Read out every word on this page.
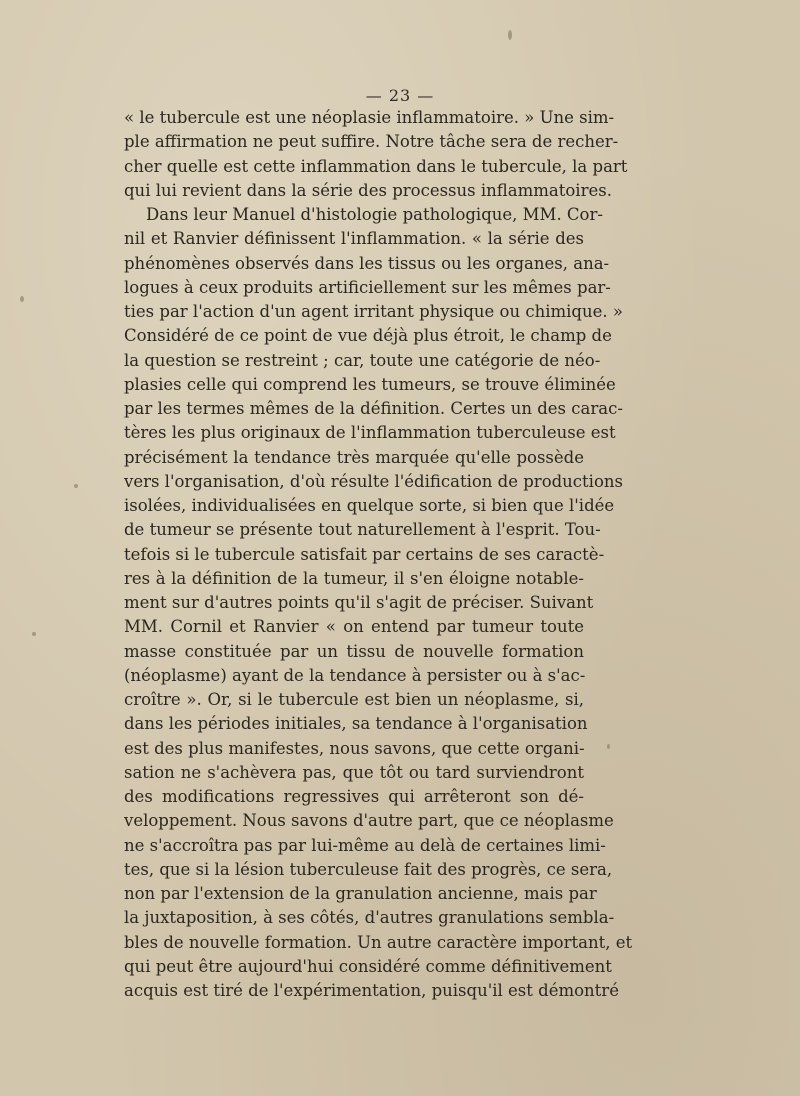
— 23 —
« le tubercule est une néoplasie inflammatoire. » Une sim-
ple affirmation ne peut suffire. Notre tâche sera de recher-
cher quelle est cette inflammation dans le tubercule, la part
qui lui revient dans la série des processus inflammatoires.
Dans leur Manuel d'histologie pathologique, MM. Cor-
nil et Ranvier définissent l'inflammation. « la série des
phénomènes observés dans les tissus ou les organes, ana-
logues à ceux produits artificiellement sur les mêmes par-
ties par l'action d'un agent irritant physique ou chimique. »
Considéré de ce point de vue déjà plus étroit, le champ de
la question se restreint ; car, toute une catégorie de néo-
plasies celle qui comprend les tumeurs, se trouve éliminée
par les termes mêmes de la définition. Certes un des carac-
tères les plus originaux de l'inflammation tuberculeuse est
précisément la tendance très marquée qu'elle possède
vers l'organisation, d'où résulte l'édification de productions
isolées, individualisées en quelque sorte, si bien que l'idée
de tumeur se présente tout naturellement à l'esprit. Tou-
tefois si le tubercule satisfait par certains de ses caractè-
res à la définition de la tumeur, il s'en éloigne notable-
ment sur d'autres points qu'il s'agit de préciser. Suivant
MM. Cornil et Ranvier « on entend par tumeur toute
masse constituée par un tissu de nouvelle formation
(néoplasme) ayant de la tendance à persister ou à s'ac-
croître ». Or, si le tubercule est bien un néoplasme, si,
dans les périodes initiales, sa tendance à l'organisation
est des plus manifestes, nous savons, que cette organi-
sation ne s'achèvera pas, que tôt ou tard surviendront
des modifications regressives qui arrêteront son dé-
veloppement. Nous savons d'autre part, que ce néoplasme
ne s'accroîtra pas par lui-même au delà de certaines limi-
tes, que si la lésion tuberculeuse fait des progrès, ce sera,
non par l'extension de la granulation ancienne, mais par
la juxtaposition, à ses côtés, d'autres granulations sembla-
bles de nouvelle formation. Un autre caractère important, et
qui peut être aujourd'hui considéré comme définitivement
acquis est tiré de l'expérimentation, puisqu'il est démontré
